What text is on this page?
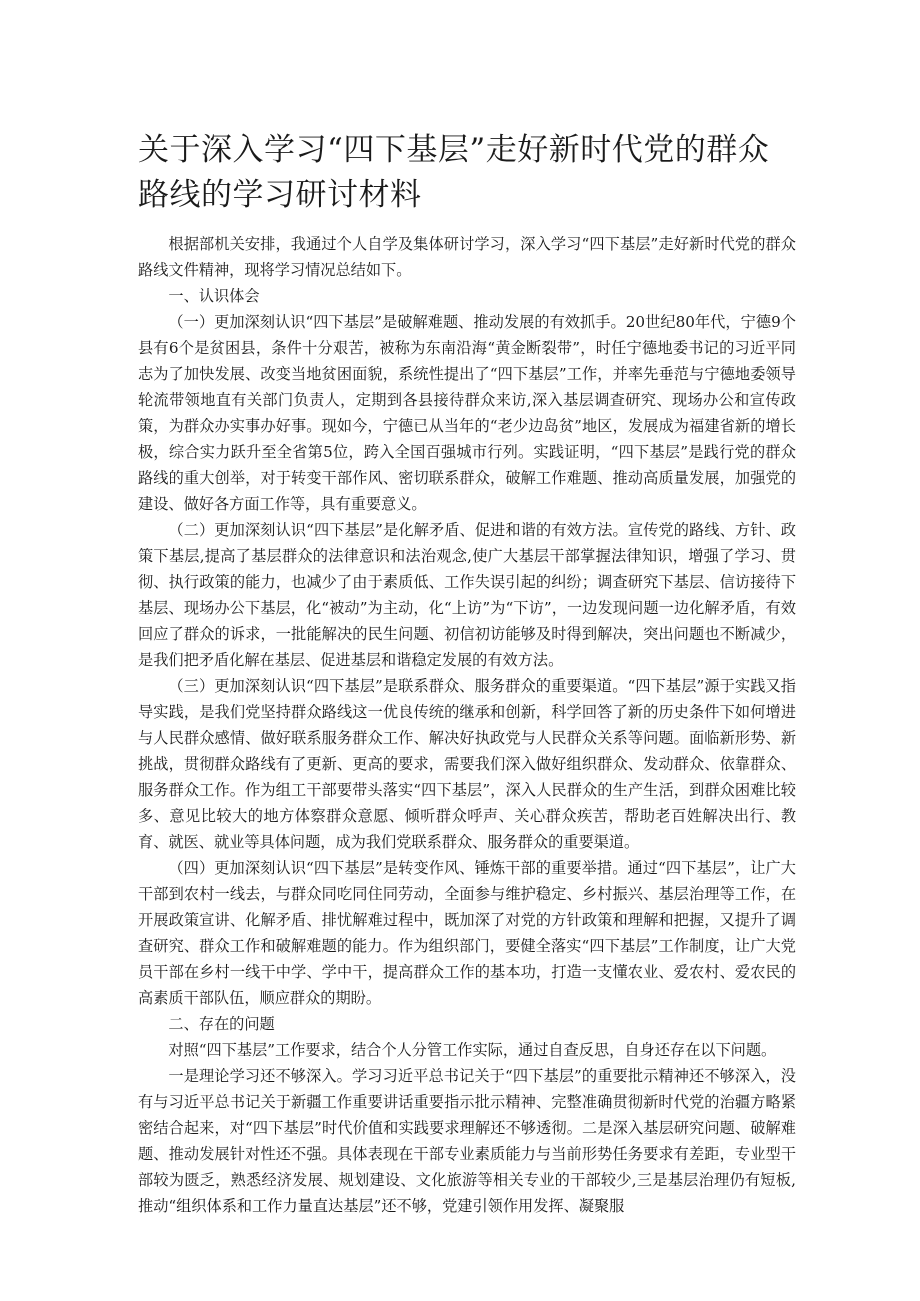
关于深入学习“四下基层”走好新时代党的群众路线的学习研讨材料

根据部机关安排，我通过个人自学及集体研讨学习，深入学习“四下基层”走好新时代党的群众路线文件精神，现将学习情况总结如下。

一、认识体会

（一）更加深刻认识“四下基层”是破解难题、推动发展的有效抓手。20世纪80年代，宁德9个县有6个是贫困县，条件十分艰苦，被称为东南沿海“黄金断裂带”，时任宁德地委书记的习近平同志为了加快发展、改变当地贫困面貌，系统性提出了“四下基层”工作，并率先垂范与宁德地委领导轮流带领地直有关部门负责人，定期到各县接待群众来访,深入基层调查研究、现场办公和宣传政策，为群众办实事办好事。现如今，宁德已从当年的“老少边岛贫”地区，发展成为福建省新的增长极，综合实力跃升至全省第5位，跨入全国百强城市行列。实践证明，“四下基层”是践行党的群众路线的重大创举，对于转变干部作风、密切联系群众，破解工作难题、推动高质量发展，加强党的建设、做好各方面工作等，具有重要意义。

（二）更加深刻认识“四下基层”是化解矛盾、促进和谐的有效方法。宣传党的路线、方针、政策下基层,提高了基层群众的法律意识和法治观念,使广大基层干部掌握法律知识，增强了学习、贯彻、执行政策的能力，也减少了由于素质低、工作失误引起的纠纷；调查研究下基层、信访接待下基层、现场办公下基层，化“被动”为主动，化“上访”为“下访”，一边发现问题一边化解矛盾，有效回应了群众的诉求，一批能解决的民生问题、初信初访能够及时得到解决，突出问题也不断减少，是我们把矛盾化解在基层、促进基层和谐稳定发展的有效方法。

（三）更加深刻认识“四下基层”是联系群众、服务群众的重要渠道。“四下基层”源于实践又指导实践，是我们党坚持群众路线这一优良传统的继承和创新，科学回答了新的历史条件下如何增进与人民群众感情、做好联系服务群众工作、解决好执政党与人民群众关系等问题。面临新形势、新挑战，贯彻群众路线有了更新、更高的要求，需要我们深入做好组织群众、发动群众、依靠群众、服务群众工作。作为组工干部要带头落实“四下基层”，深入人民群众的生产生活，到群众困难比较多、意见比较大的地方体察群众意愿、倾听群众呼声、关心群众疾苦，帮助老百姓解决出行、教育、就医、就业等具体问题，成为我们党联系群众、服务群众的重要渠道。

（四）更加深刻认识“四下基层”是转变作风、锤炼干部的重要举措。通过“四下基层”，让广大干部到农村一线去，与群众同吃同住同劳动，全面参与维护稳定、乡村振兴、基层治理等工作，在开展政策宣讲、化解矛盾、排忧解难过程中，既加深了对党的方针政策和理解和把握，又提升了调查研究、群众工作和破解难题的能力。作为组织部门，要健全落实“四下基层”工作制度，让广大党员干部在乡村一线干中学、学中干，提高群众工作的基本功，打造一支懂农业、爱农村、爱农民的高素质干部队伍，顺应群众的期盼。

二、存在的问题

对照“四下基层”工作要求，结合个人分管工作实际，通过自查反思，自身还存在以下问题。

一是理论学习还不够深入。学习习近平总书记关于“四下基层”的重要批示精神还不够深入，没有与习近平总书记关于新疆工作重要讲话重要指示批示精神、完整准确贯彻新时代党的治疆方略紧密结合起来，对“四下基层”时代价值和实践要求理解还不够透彻。二是深入基层研究问题、破解难题、推动发展针对性还不强。具体表现在干部专业素质能力与当前形势任务要求有差距，专业型干部较为匮乏，熟悉经济发展、规划建设、文化旅游等相关专业的干部较少,三是基层治理仍有短板,推动“组织体系和工作力量直达基层”还不够，党建引领作用发挥、凝聚服
